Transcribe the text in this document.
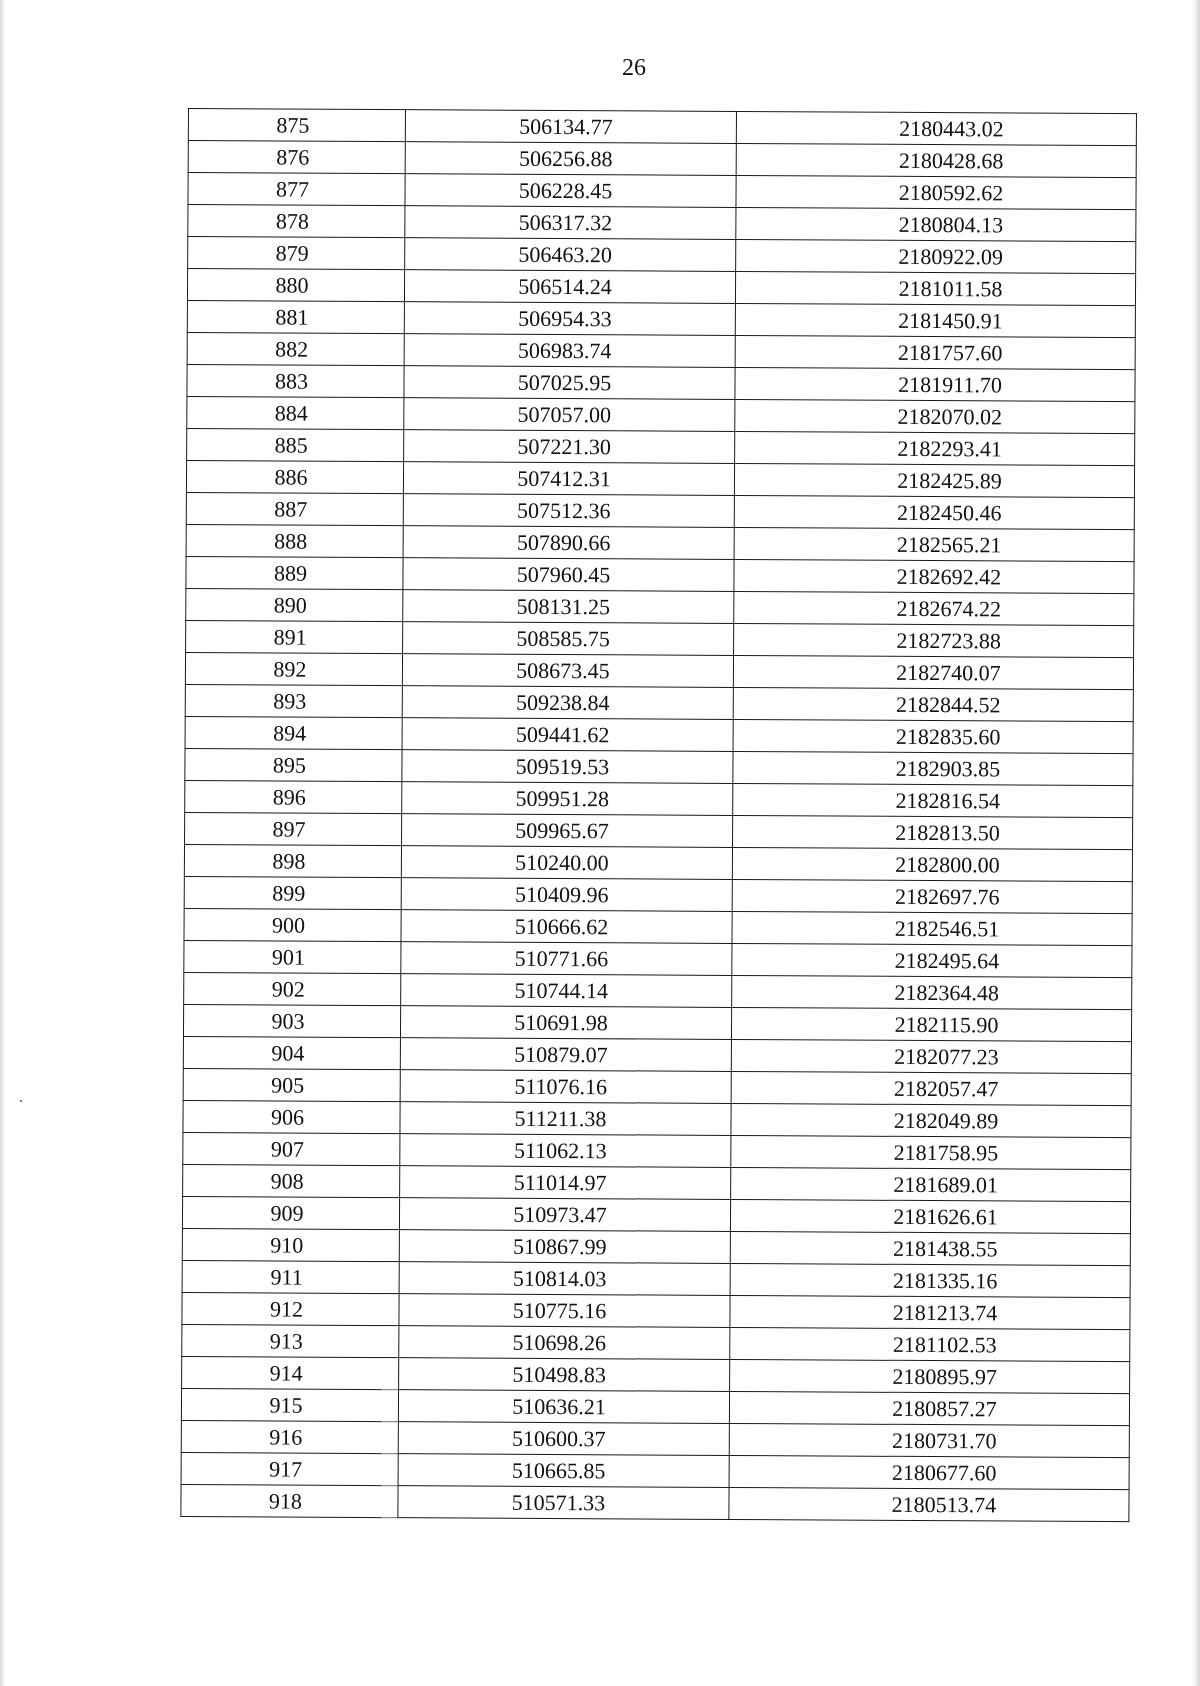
26
875	506134.77	2180443.02
876	506256.88	2180428.68
877	506228.45	2180592.62
878	506317.32	2180804.13
879	506463.20	2180922.09
880	506514.24	2181011.58
881	506954.33	2181450.91
882	506983.74	2181757.60
883	507025.95	2181911.70
884	507057.00	2182070.02
885	507221.30	2182293.41
886	507412.31	2182425.89
887	507512.36	2182450.46
888	507890.66	2182565.21
889	507960.45	2182692.42
890	508131.25	2182674.22
891	508585.75	2182723.88
892	508673.45	2182740.07
893	509238.84	2182844.52
894	509441.62	2182835.60
895	509519.53	2182903.85
896	509951.28	2182816.54
897	509965.67	2182813.50
898	510240.00	2182800.00
899	510409.96	2182697.76
900	510666.62	2182546.51
901	510771.66	2182495.64
902	510744.14	2182364.48
903	510691.98	2182115.90
904	510879.07	2182077.23
905	511076.16	2182057.47
906	511211.38	2182049.89
907	511062.13	2181758.95
908	511014.97	2181689.01
909	510973.47	2181626.61
910	510867.99	2181438.55
911	510814.03	2181335.16
912	510775.16	2181213.74
913	510698.26	2181102.53
914	510498.83	2180895.97
915	510636.21	2180857.27
916	510600.37	2180731.70
917	510665.85	2180677.60
918	510571.33	2180513.74
